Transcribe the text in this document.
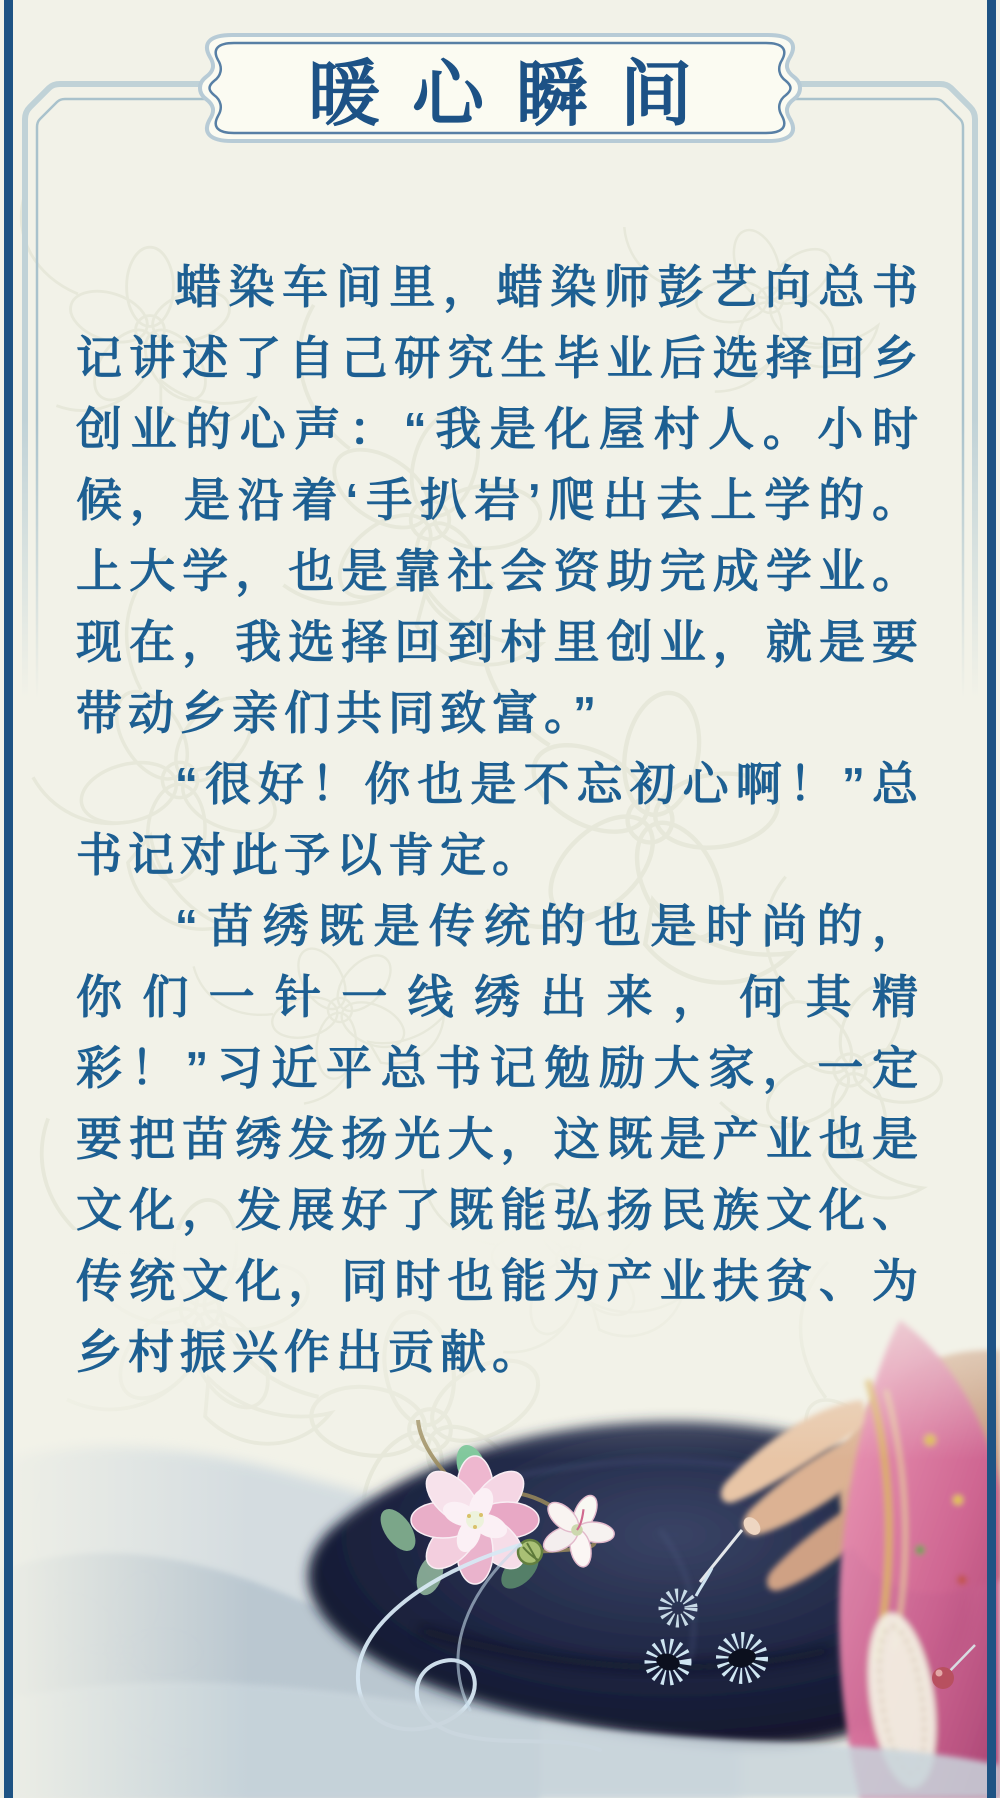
蜡染车间里，蜡染师彭艺向总书记讲述了自己研究生毕业后选择回乡创业的心声：“我是化屋村人。小时候，是沿着‘手扒岩’爬出去上学的。上大学，也是靠社会资助完成学业。现在，我选择回到村里创业，就是要带动乡亲们共同致富。”

“很好！你也是不忘初心啊！”总书记对此予以肯定。

“苗绣既是传统的也是时尚的，你们一针一线绣出来，何其精彩！”习近平总书记勉励大家，一定要把苗绣发扬光大，这既是产业也是文化，发展好了既能弘扬民族文化、传统文化，同时也能为产业扶贫、为乡村振兴作出贡献。

暖心瞬间
